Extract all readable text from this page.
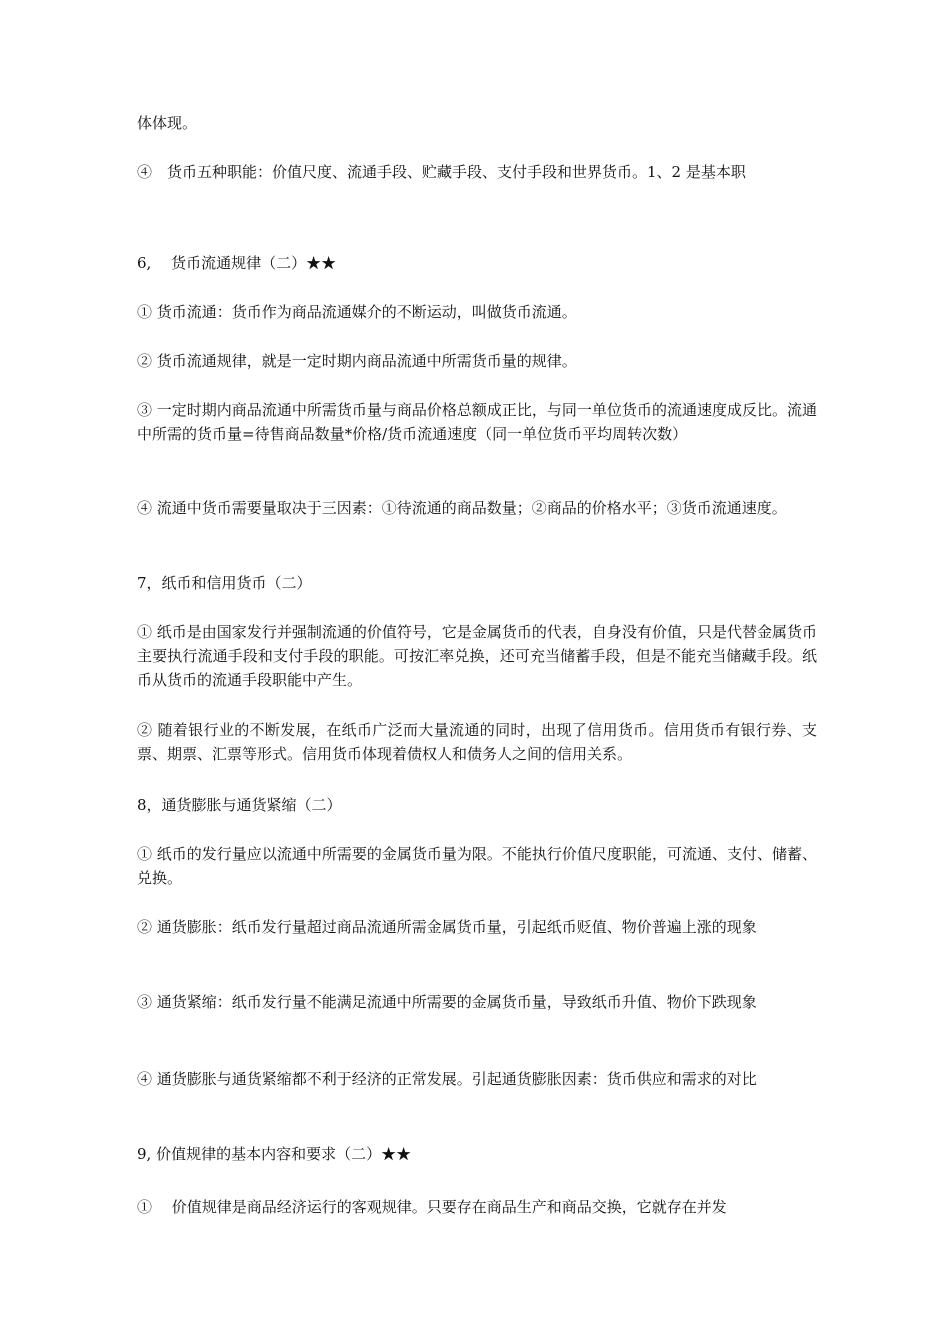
体体现。

④　货币五种职能：价值尺度、流通手段、贮藏手段、支付手段和世界货币。1、2 是基本职

6,　 货币流通规律（二）★★

① 货币流通：货币作为商品流通媒介的不断运动，叫做货币流通。

② 货币流通规律，就是一定时期内商品流通中所需货币量的规律。

③ 一定时期内商品流通中所需货币量与商品价格总额成正比，与同一单位货币的流通速度成反比。流通中所需的货币量=待售商品数量*价格/货币流通速度（同一单位货币平均周转次数）

④ 流通中货币需要量取决于三因素：①待流通的商品数量；②商品的价格水平；③货币流通速度。

7，纸币和信用货币（二）

① 纸币是由国家发行并强制流通的价值符号，它是金属货币的代表，自身没有价值，只是代替金属货币主要执行流通手段和支付手段的职能。可按汇率兑换，还可充当储蓄手段，但是不能充当储藏手段。纸币从货币的流通手段职能中产生。

② 随着银行业的不断发展，在纸币广泛而大量流通的同时，出现了信用货币。信用货币有银行券、支票、期票、汇票等形式。信用货币体现着债权人和债务人之间的信用关系。

8，通货膨胀与通货紧缩（二）

① 纸币的发行量应以流通中所需要的金属货币量为限。不能执行价值尺度职能，可流通、支付、储蓄、兑换。

② 通货膨胀：纸币发行量超过商品流通所需金属货币量，引起纸币贬值、物价普遍上涨的现象

③ 通货紧缩：纸币发行量不能满足流通中所需要的金属货币量，导致纸币升值、物价下跌现象

④ 通货膨胀与通货紧缩都不利于经济的正常发展。引起通货膨胀因素：货币供应和需求的对比

9, 价值规律的基本内容和要求（二）★★

①　 价值规律是商品经济运行的客观规律。只要存在商品生产和商品交换，它就存在并发
